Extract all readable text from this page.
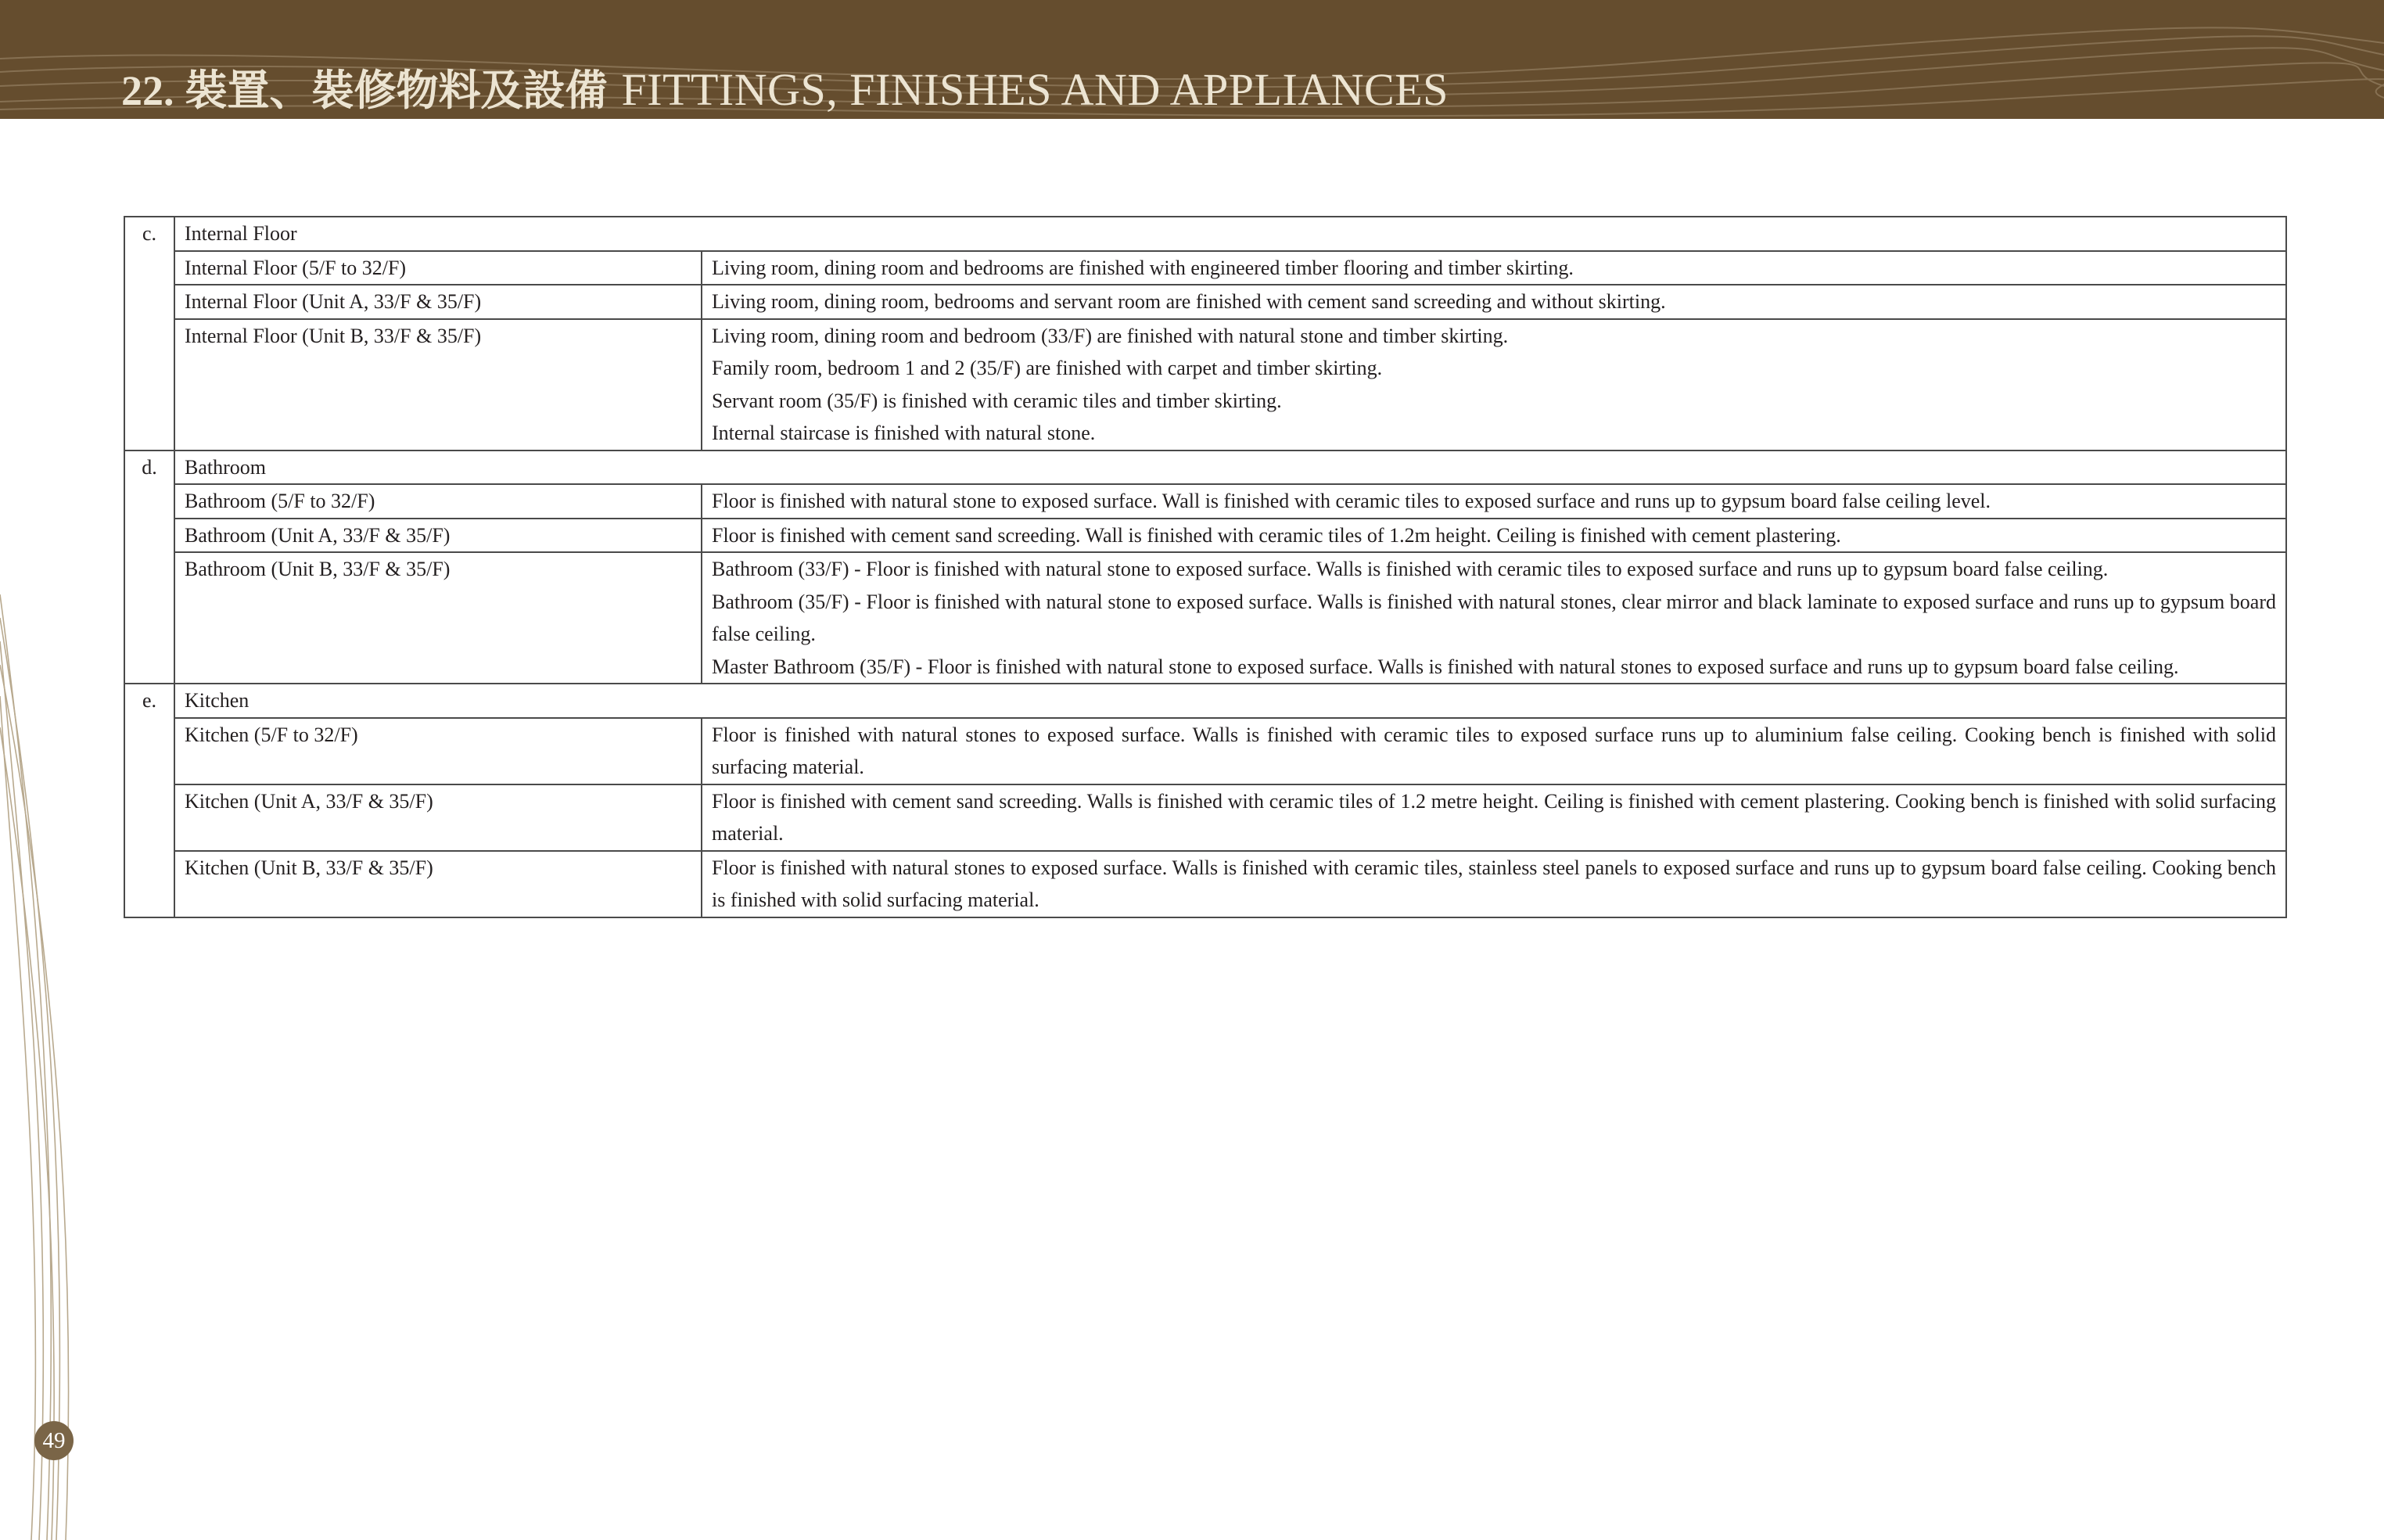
22. 裝置、裝修物料及設備 FITTINGS, FINISHES AND APPLIANCES
c.	Internal Floor	
	Internal Floor (5/F to 32/F)	Living room, dining room and bedrooms are finished with engineered timber flooring and timber skirting.

	Internal Floor (Unit A, 33/F & 35/F)	Living room, dining room, bedrooms and servant room are finished with cement sand screeding and without skirting.

	Internal Floor (Unit B, 33/F & 35/F)	Living room, dining room and bedroom (33/F) are finished with natural stone and timber skirting.
Family room, bedroom 1 and 2 (35/F) are finished with carpet and timber skirting.
Servant room (35/F) is finished with ceramic tiles and timber skirting.
Internal staircase is finished with natural stone.

d.	Bathroom	
	Bathroom (5/F to 32/F)	Floor is finished with natural stone to exposed surface. Wall is finished with ceramic tiles to exposed surface and runs up to gypsum board false ceiling level.

	Bathroom (Unit A, 33/F & 35/F)	Floor is finished with cement sand screeding. Wall is finished with ceramic tiles of 1.2m height. Ceiling is finished with cement plastering.

	Bathroom (Unit B, 33/F & 35/F)	Bathroom (33/F) - Floor is finished with natural stone to exposed surface. Walls is finished with ceramic tiles to exposed surface and runs up to gypsum board false ceiling.
Bathroom (35/F) - Floor is finished with natural stone to exposed surface. Walls is finished with natural stones, clear mirror and black laminate to exposed surface and runs up to gypsum board false ceiling.
Master Bathroom (35/F) - Floor is finished with natural stone to exposed surface. Walls is finished with natural stones to exposed surface and runs up to gypsum board false ceiling.

e.	Kitchen	
	Kitchen (5/F to 32/F)	Floor is finished with natural stones to exposed surface. Walls is finished with ceramic tiles to exposed surface runs up to aluminium false ceiling. Cooking bench is finished with solid surfacing material.

	Kitchen (Unit A, 33/F & 35/F)	Floor is finished with cement sand screeding. Walls is finished with ceramic tiles of 1.2 metre height. Ceiling is finished with cement plastering. Cooking bench is finished with solid surfacing material.

	Kitchen (Unit B, 33/F & 35/F)	Floor is finished with natural stones to exposed surface. Walls is finished with ceramic tiles, stainless steel panels to exposed surface and runs up to gypsum board false ceiling. Cooking bench is finished with solid surfacing material.
49
